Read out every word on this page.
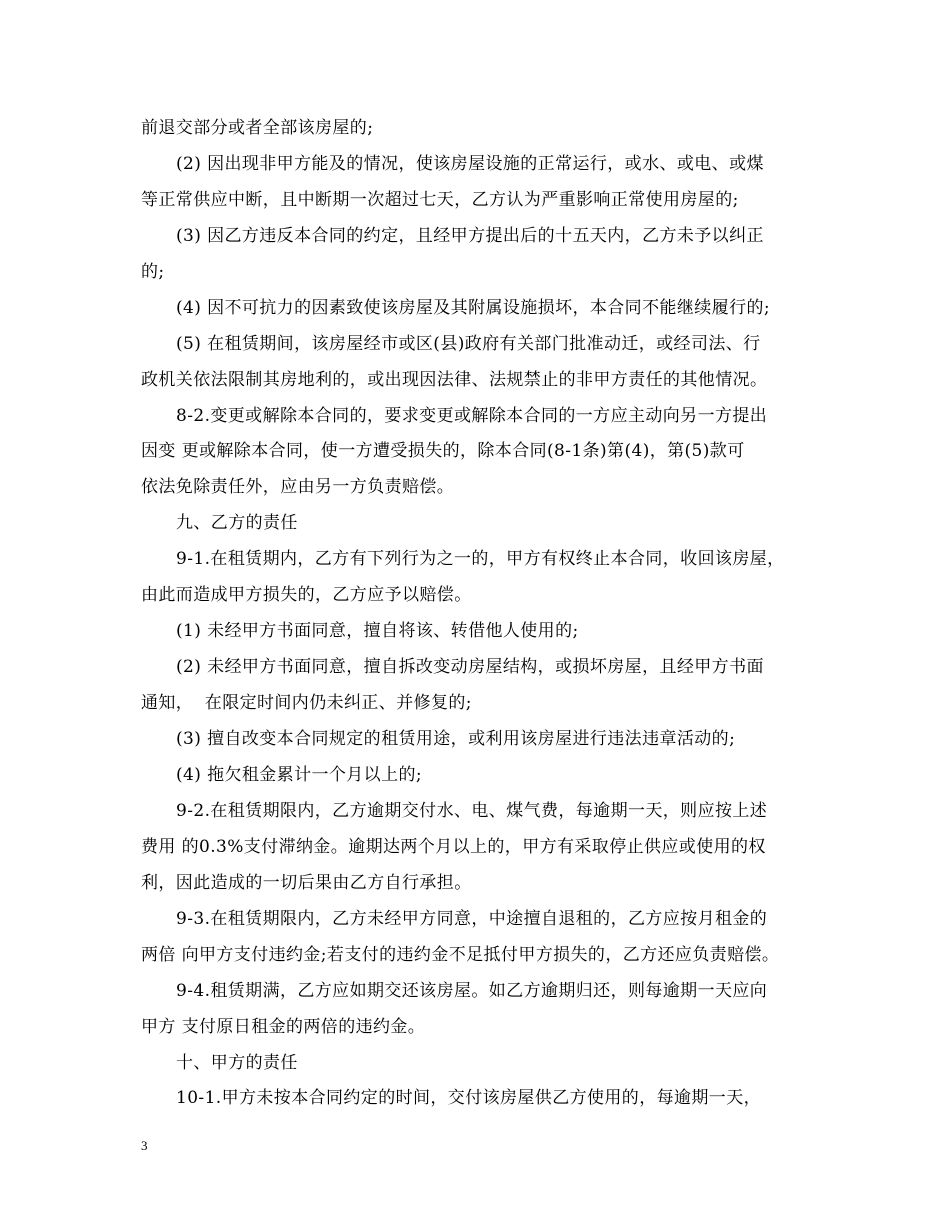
前退交部分或者全部该房屋的;
(2) 因出现非甲方能及的情况，使该房屋设施的正常运行，或水、或电、或煤
等正常供应中断，且中断期一次超过七天，乙方认为严重影响正常使用房屋的;
(3) 因乙方违反本合同的约定，且经甲方提出后的十五天内，乙方未予以纠正
的;
(4) 因不可抗力的因素致使该房屋及其附属设施损坏，本合同不能继续履行的;
(5) 在租赁期间，该房屋经市或区(县)政府有关部门批准动迁，或经司法、行
政机关依法限制其房地利的，或出现因法律、法规禁止的非甲方责任的其他情况。
8-2.变更或解除本合同的，要求变更或解除本合同的一方应主动向另一方提出
因变 更或解除本合同，使一方遭受损失的，除本合同(8-1条)第(4)，第(5)款可
依法免除责任外，应由另一方负责赔偿。
九、乙方的责任
9-1.在租赁期内，乙方有下列行为之一的，甲方有权终止本合同，收回该房屋，
由此而造成甲方损失的，乙方应予以赔偿。
(1) 未经甲方书面同意，擅自将该、转借他人使用的;
(2) 未经甲方书面同意，擅自拆改变动房屋结构，或损坏房屋，且经甲方书面
通知，  在限定时间内仍未纠正、并修复的;
(3) 擅自改变本合同规定的租赁用途，或利用该房屋进行违法违章活动的;
(4) 拖欠租金累计一个月以上的;
9-2.在租赁期限内，乙方逾期交付水、电、煤气费，每逾期一天，则应按上述
费用 的0.3%支付滞纳金。逾期达两个月以上的，甲方有采取停止供应或使用的权
利，因此造成的一切后果由乙方自行承担。
9-3.在租赁期限内，乙方未经甲方同意，中途擅自退租的，乙方应按月租金的
两倍 向甲方支付违约金;若支付的违约金不足抵付甲方损失的，乙方还应负责赔偿。
9-4.租赁期满，乙方应如期交还该房屋。如乙方逾期归还，则每逾期一天应向
甲方 支付原日租金的两倍的违约金。
十、甲方的责任
10-1.甲方未按本合同约定的时间，交付该房屋供乙方使用的，每逾期一天，
3
